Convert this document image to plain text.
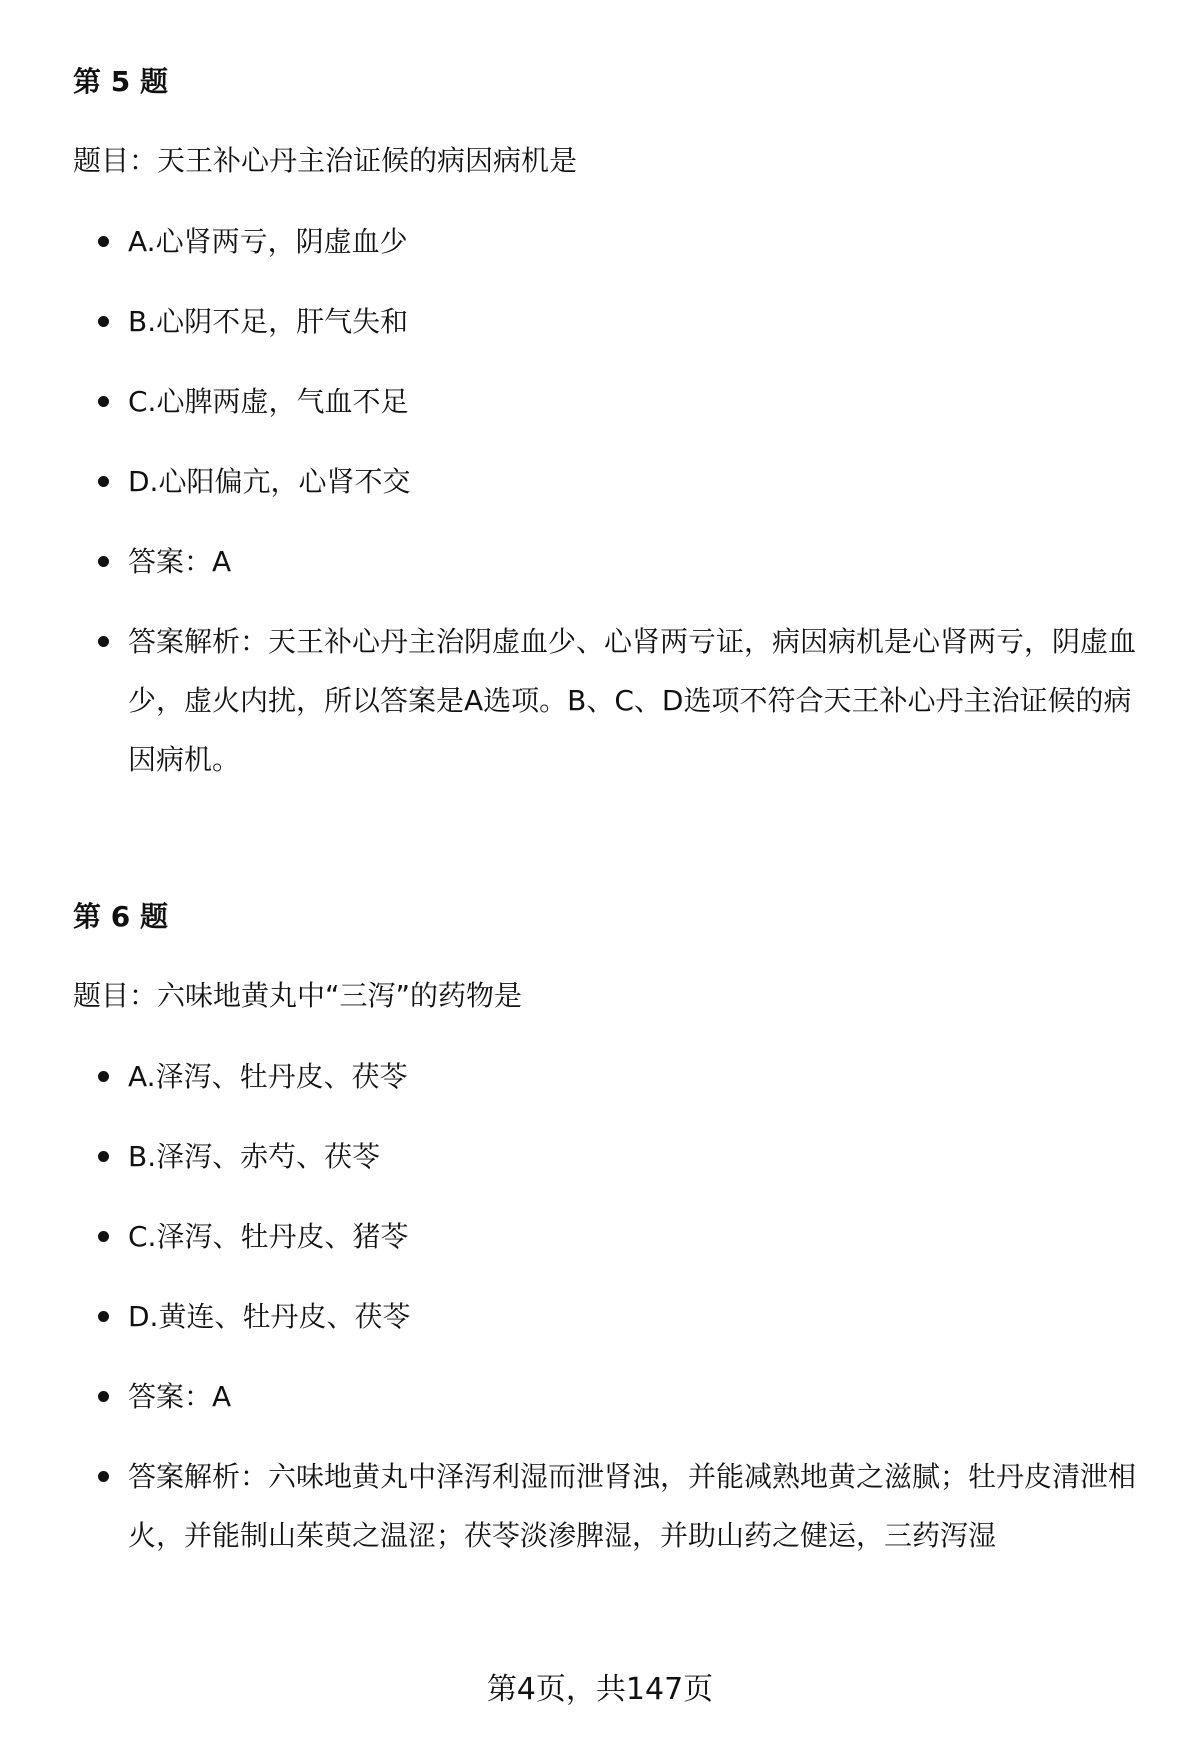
第 5 题

题目：天王补心丹主治证候的病因病机是

A.心肾两亏，阴虚血少
B.心阴不足，肝气失和
C.心脾两虚，气血不足
D.心阳偏亢，心肾不交
答案：A
答案解析：天王补心丹主治阴虚血少、心肾两亏证，病因病机是心肾两亏，阴虚血少，虚火内扰，所以答案是A选项。B、C、D选项不符合天王补心丹主治证候的病因病机。
第 6 题

题目：六味地黄丸中“三泻”的药物是

A.泽泻、牡丹皮、茯苓
B.泽泻、赤芍、茯苓
C.泽泻、牡丹皮、猪苓
D.黄连、牡丹皮、茯苓
答案：A
答案解析：六味地黄丸中泽泻利湿而泄肾浊，并能减熟地黄之滋腻；牡丹皮清泄相火，并能制山茱萸之温涩；茯苓淡渗脾湿，并助山药之健运，三药泻湿
第4页，共147页
